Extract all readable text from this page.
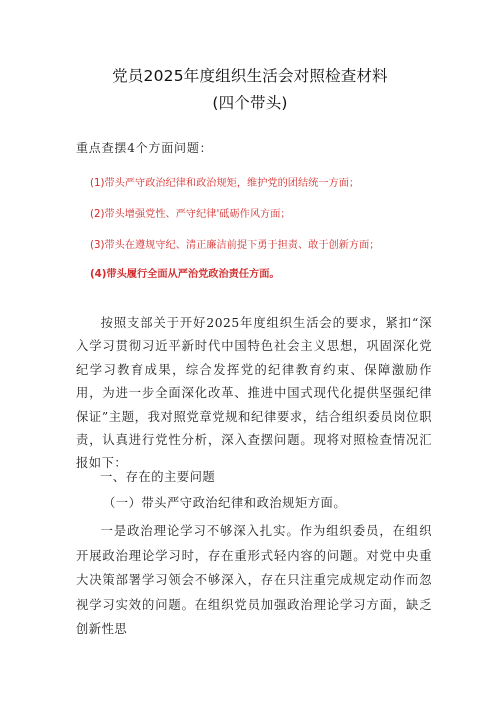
党员2025年度组织生活会对照检查材料
(四个带头)
重点查摆4个方面问题：
(1)带头严守政治纪律和政治规矩，维护党的团结统一方面；
(2)带头增强党性、严守纪律'砥砺作风方面；
(3)带头在遵规守纪、清正廉洁前提下勇于担责、敢于创新方面；
(4)带头履行全面从严治党政治责任方面。
按照支部关于开好2025年度组织生活会的要求，紧扣“深入学习贯彻习近平新时代中国特色社会主义思想，巩固深化党纪学习教育成果，综合发挥党的纪律教育约束、保障激励作用，为进一步全面深化改革、推进中国式现代化提供坚强纪律保证”主题，我对照党章党规和纪律要求，结合组织委员岗位职责，认真进行党性分析，深入查摆问题。现将对照检查情况汇报如下：
一、存在的主要问题
（一）带头严守政治纪律和政治规矩方面。
一是政治理论学习不够深入扎实。作为组织委员，在组织开展政治理论学习时，存在重形式轻内容的问题。对党中央重大决策部署学习领会不够深入，存在只注重完成规定动作而忽视学习实效的问题。在组织党员加强政治理论学习方面，缺乏创新性思
